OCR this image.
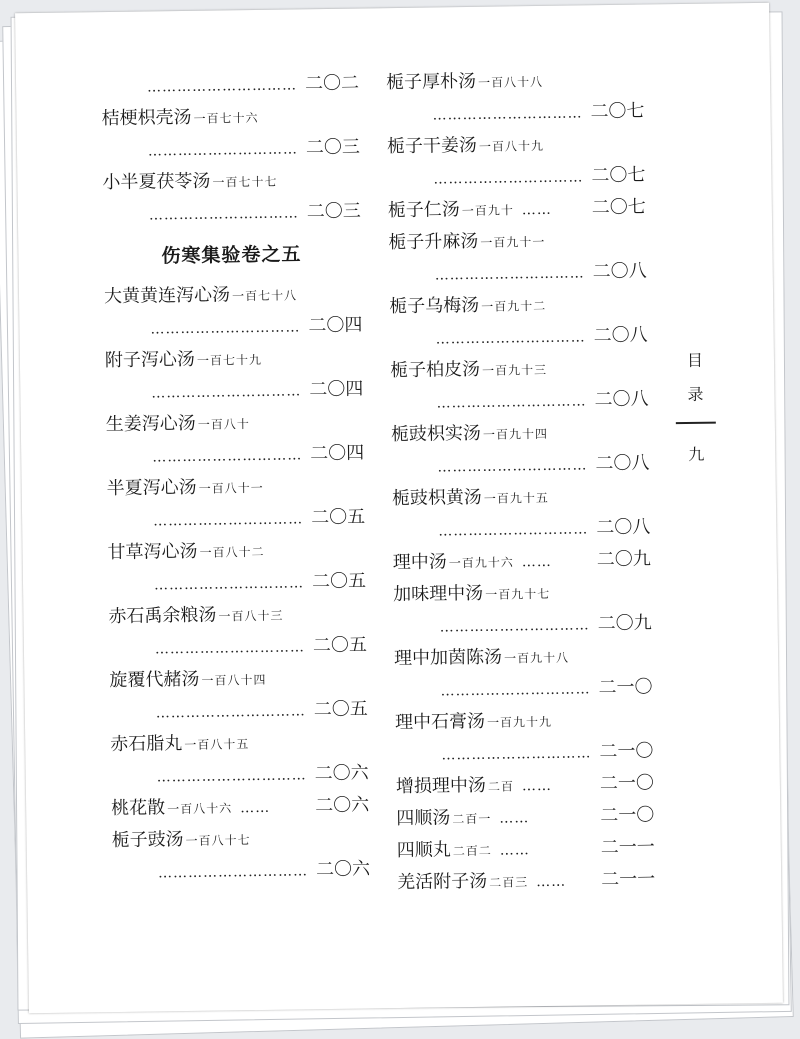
………………………… 二〇二
桔梗枳壳汤 一百七十六
………………………… 二〇三
小半夏茯苓汤 一百七十七
………………………… 二〇三
伤寒集验卷之五
大黄黄连泻心汤 一百七十八
………………………… 二〇四
附子泻心汤 一百七十九
………………………… 二〇四
生姜泻心汤 一百八十
………………………… 二〇四
半夏泻心汤 一百八十一
………………………… 二〇五
甘草泻心汤 一百八十二
………………………… 二〇五
赤石禹余粮汤 一百八十三
………………………… 二〇五
旋覆代赭汤 一百八十四
………………………… 二〇五
赤石脂丸 一百八十五
………………………… 二〇六
桃花散 一百八十六 …… 二〇六
栀子豉汤 一百八十七
………………………… 二〇六
栀子厚朴汤 一百八十八
………………………… 二〇七
栀子干姜汤 一百八十九
………………………… 二〇七
栀子仁汤 一百九十 …… 二〇七
栀子升麻汤 一百九十一
………………………… 二〇八
栀子乌梅汤 一百九十二
………………………… 二〇八
栀子柏皮汤 一百九十三
………………………… 二〇八
栀豉枳实汤 一百九十四
………………………… 二〇八
栀豉枳黄汤 一百九十五
………………………… 二〇八
理中汤 一百九十六 …… 二〇九
加味理中汤 一百九十七
………………………… 二〇九
理中加茵陈汤 一百九十八
………………………… 二一〇
理中石膏汤 一百九十九
………………………… 二一〇
增损理中汤 二百 ……	二一〇
四顺汤 二百一 ……	二一〇
四顺丸 二百二 ……	二一一
羌活附子汤 二百三 …… 二一一
目
录
九
